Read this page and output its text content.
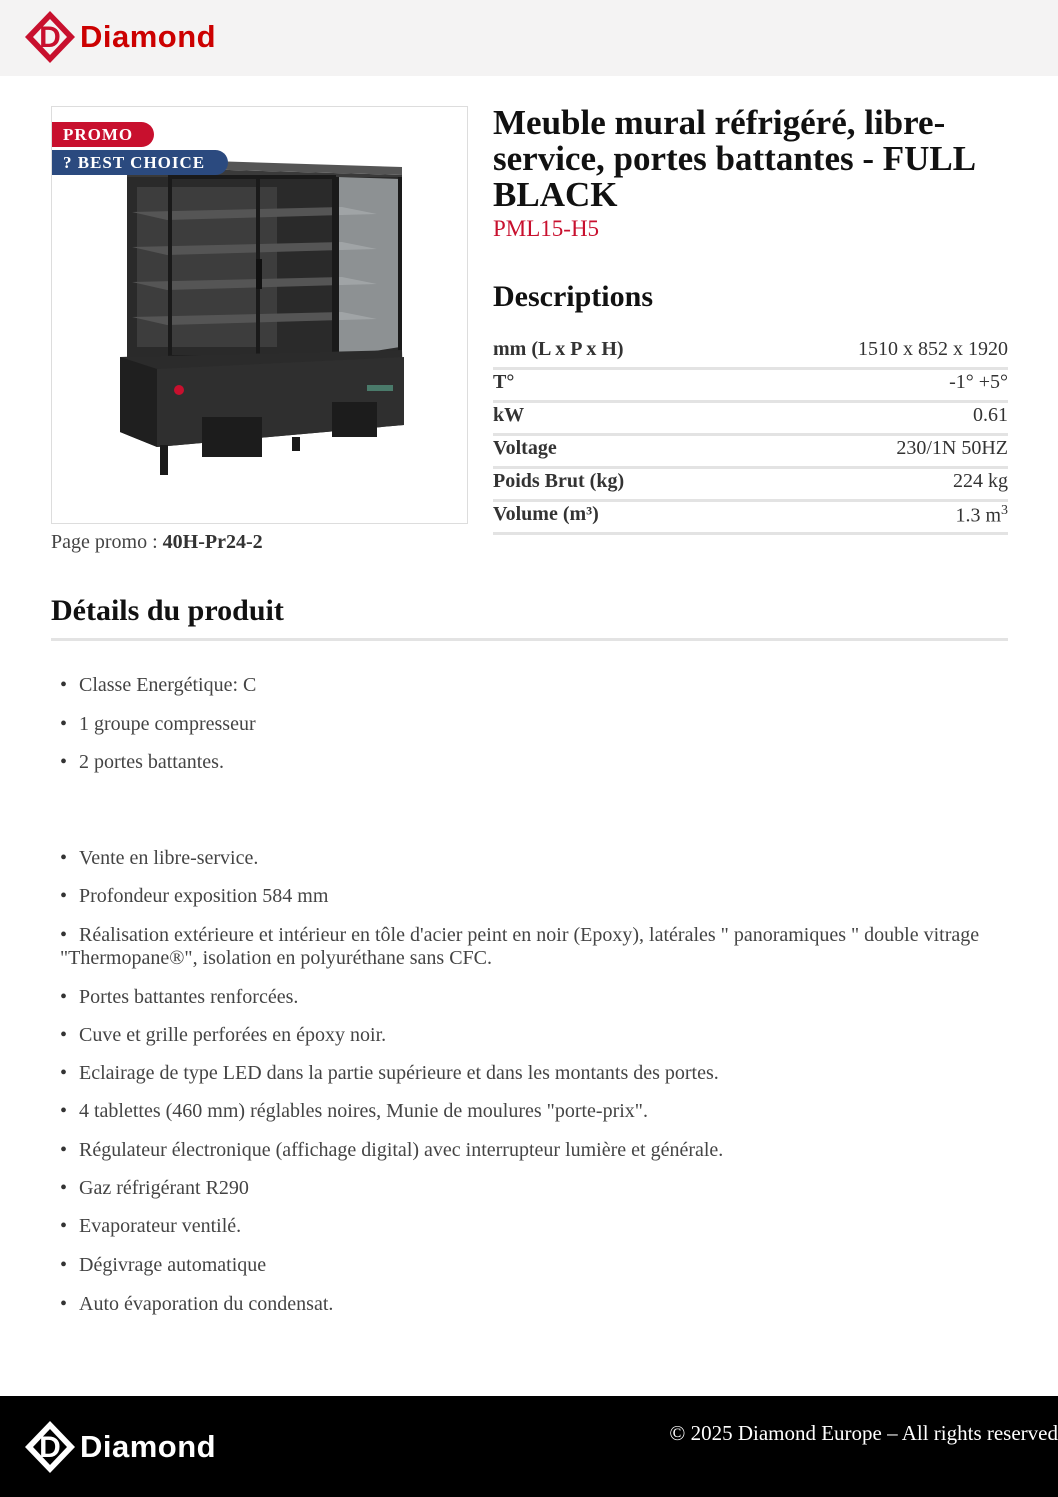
D Diamond
PROMO
? BEST CHOICE
Page promo : 40H-Pr24-2
Meuble mural réfrigéré, libre-service, portes battantes - FULL BLACK
PML15-H5
Descriptions
mm (L x P x H)	1510 x 852 x 1920
T°	-1° +5°
kW	0.61
Voltage	230/1N 50HZ
Poids Brut (kg)	224 kg
Volume (m³)	1.3 $m^3$
Détails du produit
• Classe Energétique: C
• 1 groupe compresseur
• 2 portes battantes.
• Vente en libre-service.
• Profondeur exposition 584 mm
• Réalisation extérieure et intérieur en tôle d'acier peint en noir (Epoxy), latérales " panoramiques " double vitrage "Thermopane®", isolation en polyuréthane sans CFC.
• Portes battantes renforcées.
• Cuve et grille perforées en époxy noir.
• Eclairage de type LED dans la partie supérieure et dans les montants des portes.
• 4 tablettes (460 mm) réglables noires, Munie de moulures "porte-prix".
• Régulateur électronique (affichage digital) avec interrupteur lumière et générale.
• Gaz réfrigérant R290
• Evaporateur ventilé.
• Dégivrage automatique
• Auto évaporation du condensat.
D Diamond	© 2025 Diamond Europe – All rights reserved
